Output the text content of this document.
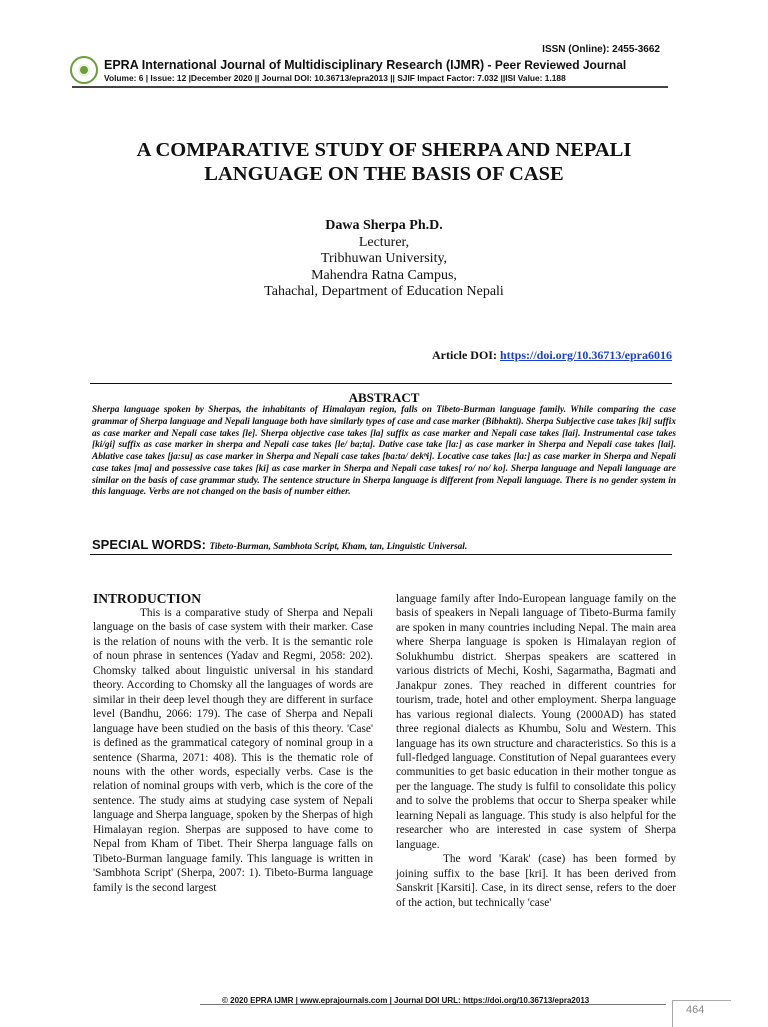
ISSN (Online): 2455-3662
EPRA International Journal of Multidisciplinary Research (IJMR) - Peer Reviewed Journal
Volume: 6 | Issue: 12 |December 2020 || Journal DOI: 10.36713/epra2013 || SJIF Impact Factor: 7.032 ||ISI Value: 1.188
A COMPARATIVE STUDY OF SHERPA AND NEPALI
LANGUAGE ON THE BASIS OF CASE
Dawa Sherpa Ph.D.
Lecturer,
Tribhuwan University,
Mahendra Ratna Campus,
Tahachal, Department of Education Nepali
Article DOI: https://doi.org/10.36713/epra6016
ABSTRACT
Sherpa language spoken by Sherpas, the inhabitants of Himalayan region, falls on Tibeto-Burman language family. While comparing the case grammar of Sherpa language and Nepali language both have similarly types of case and case marker (Bibhakti). Sherpa Subjective case takes [ki] suffix as case marker and Nepali case takes [le]. Sherpa objective case takes [la] suffix as case marker and Nepali case takes [lai]. Instrumental case takes [ki/gi] suffix as case marker in sherpa and Nepali case takes [le/ ba;ta]. Dative case take [la:] as case marker in Sherpa and Nepali case takes [lai]. Ablative case takes [ja:su] as case marker in Sherpa and Nepali case takes [ba:ta/ dekʰi]. Locative case takes [la:] as case marker in Sherpa and Nepali case takes [ma] and possessive case takes [ki] as case marker in Sherpa and Nepali case takes[ ro/ no/ ko]. Sherpa language and Nepali language are similar on the basis of case grammar study. The sentence structure in Sherpa language is different from Nepali language. There is no gender system in this language. Verbs are not changed on the basis of number either.
SPECIAL WORDS: Tibeto-Burman, Sambhota Script, Kham, tan, Linguistic Universal.
INTRODUCTION

This is a comparative study of Sherpa and Nepali language on the basis of case system with their marker. Case is the relation of nouns with the verb. It is the semantic role of noun phrase in sentences (Yadav and Regmi, 2058: 202). Chomsky talked about linguistic universal in his standard theory. According to Chomsky all the languages of words are similar in their deep level though they are different in surface level (Bandhu, 2066: 179). The case of Sherpa and Nepali language have been studied on the basis of this theory. 'Case' is defined as the grammatical category of nominal group in a sentence (Sharma, 2071: 408). This is the thematic role of nouns with the other words, especially verbs. Case is the relation of nominal groups with verb, which is the core of the sentence. The study aims at studying case system of Nepali language and Sherpa language, spoken by the Sherpas of high Himalayan region. Sherpas are supposed to have come to Nepal from Kham of Tibet. Their Sherpa language falls on Tibeto-Burman language family. This language is written in 'Sambhota Script' (Sherpa, 2007: 1). Tibeto-Burma language family is the second largest

language family after Indo-European language family on the basis of speakers in Nepali language of Tibeto-Burma family are spoken in many countries including Nepal. The main area where Sherpa language is spoken is Himalayan region of Solukhumbu district. Sherpas speakers are scattered in various districts of Mechi, Koshi, Sagarmatha, Bagmati and Janakpur zones. They reached in different countries for tourism, trade, hotel and other employment. Sherpa language has various regional dialects. Young (2000AD) has stated three regional dialects as Khumbu, Solu and Western. This language has its own structure and characteristics. So this is a full-fledged language. Constitution of Nepal guarantees every communities to get basic education in their mother tongue as per the language. The study is fulfil to consolidate this policy and to solve the problems that occur to Sherpa speaker while learning Nepali as language. This study is also helpful for the researcher who are interested in case system of Sherpa language.

The word 'Karak' (case) has been formed by joining suffix to the base [kri]. It has been derived from Sanskrit [Karsiti]. Case, in its direct sense, refers to the doer of the action, but technically 'case'

© 2020 EPRA IJMR | www.eprajournals.com | Journal DOI URL: https://doi.org/10.36713/epra2013
464
